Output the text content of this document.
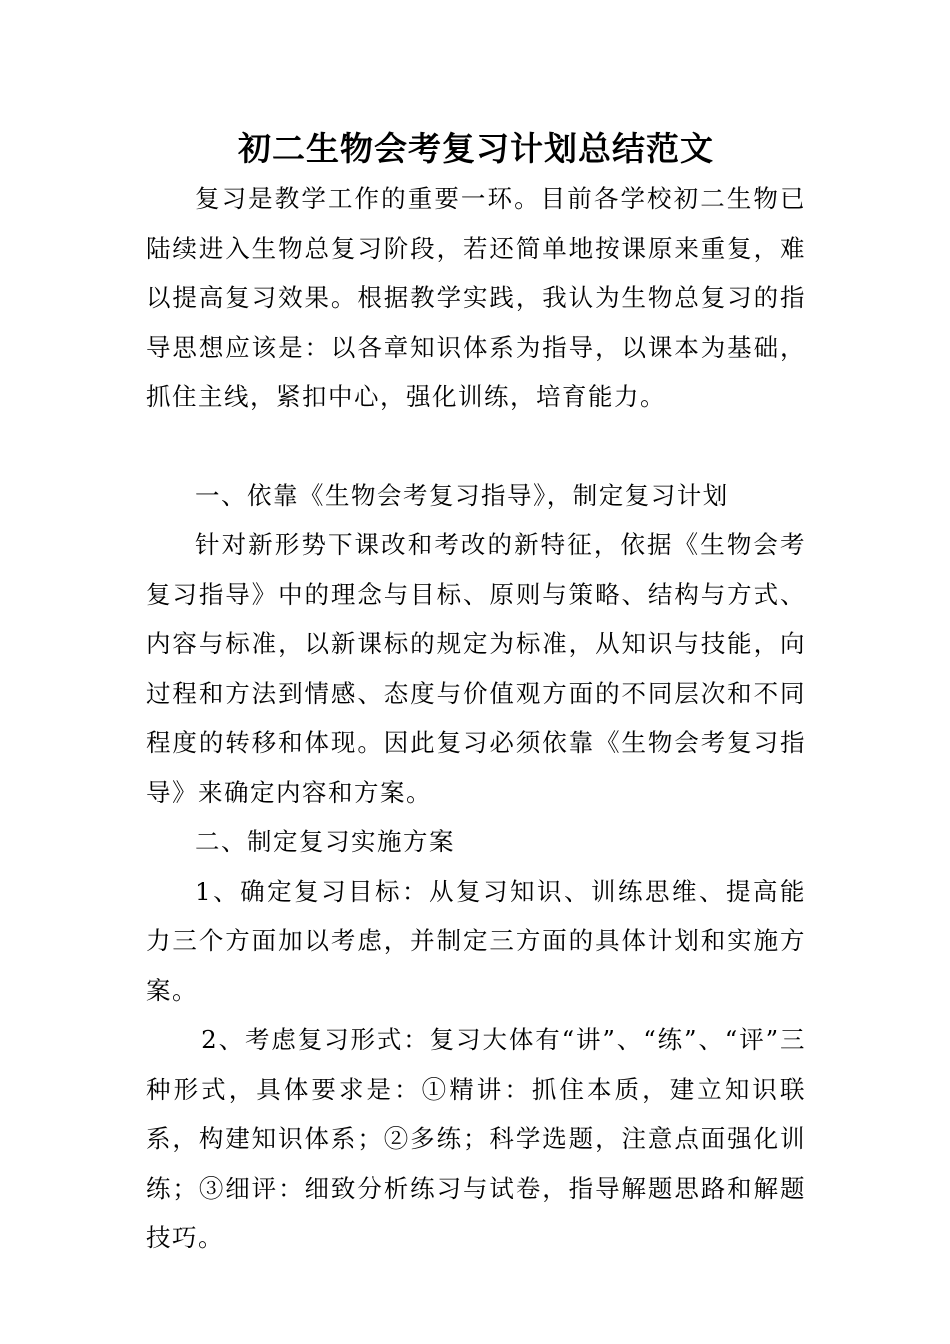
初二生物会考复习计划总结范文

复习是教学工作的重要一环。目前各学校初二生物已陆续进入生物总复习阶段，若还简单地按课原来重复，难以提高复习效果。根据教学实践，我认为生物总复习的指导思想应该是：以各章知识体系为指导，以课本为基础，抓住主线，紧扣中心，强化训练，培育能力。

一、依靠《生物会考复习指导》，制定复习计划

针对新形势下课改和考改的新特征，依据《生物会考复习指导》中的理念与目标、原则与策略、结构与方式、内容与标准，以新课标的规定为标准，从知识与技能，向过程和方法到情感、态度与价值观方面的不同层次和不同程度的转移和体现。因此复习必须依靠《生物会考复习指导》来确定内容和方案。

二、制定复习实施方案

1、确定复习目标：从复习知识、训练思维、提高能力三个方面加以考虑，并制定三方面的具体计划和实施方案。

2、考虑复习形式：复习大体有“讲”、“练”、“评”三种形式，具体要求是：①精讲：抓住本质，建立知识联系，构建知识体系；②多练；科学选题，注意点面强化训练；③细评：细致分析练习与试卷，指导解题思路和解题技巧。
